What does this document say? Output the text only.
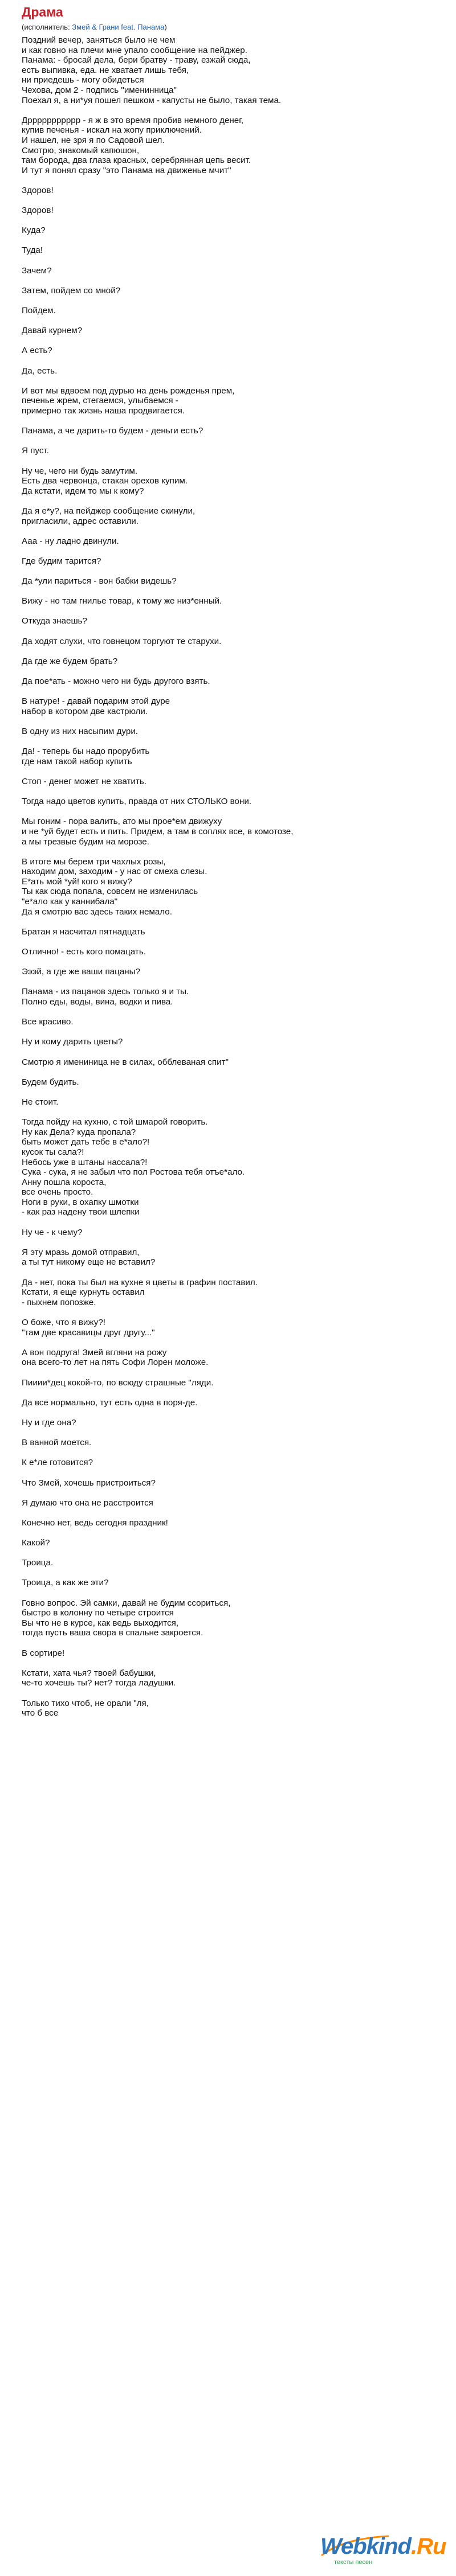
Драма
(исполнитель: Змей & Грани feat. Панама)
Поздний вечер, заняться было не чем
и как говно на плечи мне упало сообщение на пейджер.
Панама: - бросай дела, бери братву - траву, езжай сюда,
есть выпивка, еда. не хватает лишь тебя,
ни приедешь - могу обидеться
Чехова, дом 2 - подпись "именинница"
Поехал я, а ни*уя пошел пешком - капусты не было, такая тема.
Дррррррррррр - я ж в это время пробив немного денег,
купив печенья - искал на жопу приключений.
И нашел, не зря я по Садовой шел.
Смотрю, знакомый капюшон,
там борода, два глаза красных, серебрянная цепь весит.
И тут я понял сразу "это Панама на движенье мчит"
Здоров!
Здоров!
Куда?
Туда!
Зачем?
Затем, пойдем со мной?
Пойдем.
Давай курнем?
А есть?
Да, есть.
И вот мы вдвоем под дурью на день рожденья прем,
печенье жрем, стегаемся, улыбаемся -
примерно так жизнь наша продвигается.
Панама, а че дарить-то будем - деньги есть?
Я пуст.
Ну че, чего ни будь замутим.
Есть два червонца, стакан орехов купим.
Да кстати, идем то мы к кому?
Да я е*у?, на пейджер сообщение скинули,
пригласили, адрес оставили.
Ааа - ну ладно двинули.
Где будим тарится?
Да *ули париться - вон бабки видешь?
Вижу - но там гнилье товар, к тому же низ*енный.
Откуда знаешь?
Да ходят слухи, что говнецом торгуют те старухи.
Да где же будем брать?
Да пое*ать - можно чего ни будь другого взять.
В натуре! - давай подарим этой дуре
набор в котором две кастрюли.
В одну из них насыпим дури.
Да! - теперь бы надо прорубить
где нам такой набор купить
Стоп - денег может не хватить.
Тогда надо цветов купить, правда от них СТОЛЬКО вони.
Мы гоним - пора валить, ато мы прое*ем движуху
и не *уй будет есть и пить. Придем, а там в соплях все, в комотозе,
а мы трезвые будим на морозе.
В итоге мы берем три чахлых розы,
находим дом, заходим - у нас от смеха слезы.
Е*ать мой *уй! кого я вижу?
Ты как сюда попала, совсем не изменилась
"е*ало как у каннибала"
Да я смотрю вас здесь таких немало.
Братан я насчитал пятнадцать
Отлично! - есть кого помацать.
Эээй, а где же ваши пацаны?
Панама - из пацанов здесь только я и ты.
Полно еды, воды, вина, водки и пива.
Все красиво.
Ну и кому дарить цветы?
Смотрю я имениница не в силах, обблеваная спит"
Будем будить.
Не стоит.
Тогда пойду на кухню, с той шмарой говорить.
Ну как Дела? куда пропала?
быть может дать тебе в е*ало?!
кусок ты сала?!
Небось уже в штаны нассала?!
Сука - сука, я не забыл что пол Ростова тебя отъе*ало.
Анну пошла короста,
все очень просто.
Ноги в руки, в охапку шмотки
- как раз надену твои шлепки
Ну че - к чему?
Я эту мразь домой отправил,
а ты тут никому еще не вставил?
Да - нет, пока ты был на кухне я цветы в графин поставил.
Кстати, я еще курнуть оставил
- пыхнем попозже.
О боже, что я вижу?!
"там две красавицы друг другу..."
А вон подруга! Змей вгляни на рожу
она всего-то лет на пять Софи Лорен моложе.
Пииии*дец кокой-то, по всюду страшные "ляди.
Да все нормально, тут есть одна в поря-де.
Ну и где она?
В ванной моется.
К е*ле готовится?
Что Змей, хочешь пристроиться?
Я думаю что она не расстроится
Конечно нет, ведь сегодня праздник!
Какой?
Троица.
Троица, а как же эти?
Говно вопрос. Эй самки, давай не будим ссориться,
быстро в колонну по четыре строится
Вы что не в курсе, как ведь выходится,
тогда пусть ваша свора в спальне закроется.
В сортире!
Кстати, хата чья? твоей бабушки,
че-то хочешь ты? нет? тогда ладушки.
Только тихо чтоб, не орали "ля,
что б все
Webkind.Ru
тексты песен
